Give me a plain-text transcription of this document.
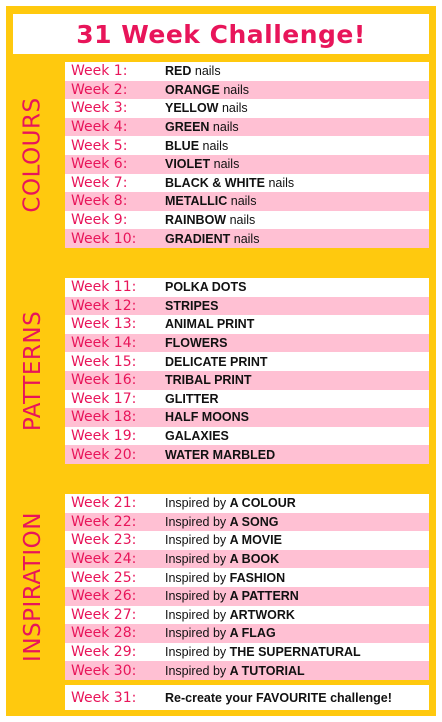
31 Week Challenge!
COLOURS
Week 1:	RED nails
Week 2:	ORANGE nails
Week 3:	YELLOW nails
Week 4:	GREEN nails
Week 5:	BLUE nails
Week 6:	VIOLET nails
Week 7:	BLACK & WHITE nails
Week 8:	METALLIC nails
Week 9:	RAINBOW nails
Week 10:	GRADIENT nails
PATTERNS
Week 11:	POLKA DOTS
Week 12:	STRIPES
Week 13:	ANIMAL PRINT
Week 14:	FLOWERS
Week 15:	DELICATE PRINT
Week 16:	TRIBAL PRINT
Week 17:	GLITTER
Week 18:	HALF MOONS
Week 19:	GALAXIES
Week 20:	WATER MARBLED
INSPIRATION
Week 21:	Inspired by A COLOUR
Week 22:	Inspired by A SONG
Week 23:	Inspired by A MOVIE
Week 24:	Inspired by A BOOK
Week 25:	Inspired by FASHION
Week 26:	Inspired by A PATTERN
Week 27:	Inspired by ARTWORK
Week 28:	Inspired by A FLAG
Week 29:	Inspired by THE SUPERNATURAL
Week 30:	Inspired by A TUTORIAL
Week 31:	Re-create your FAVOURITE challenge!
